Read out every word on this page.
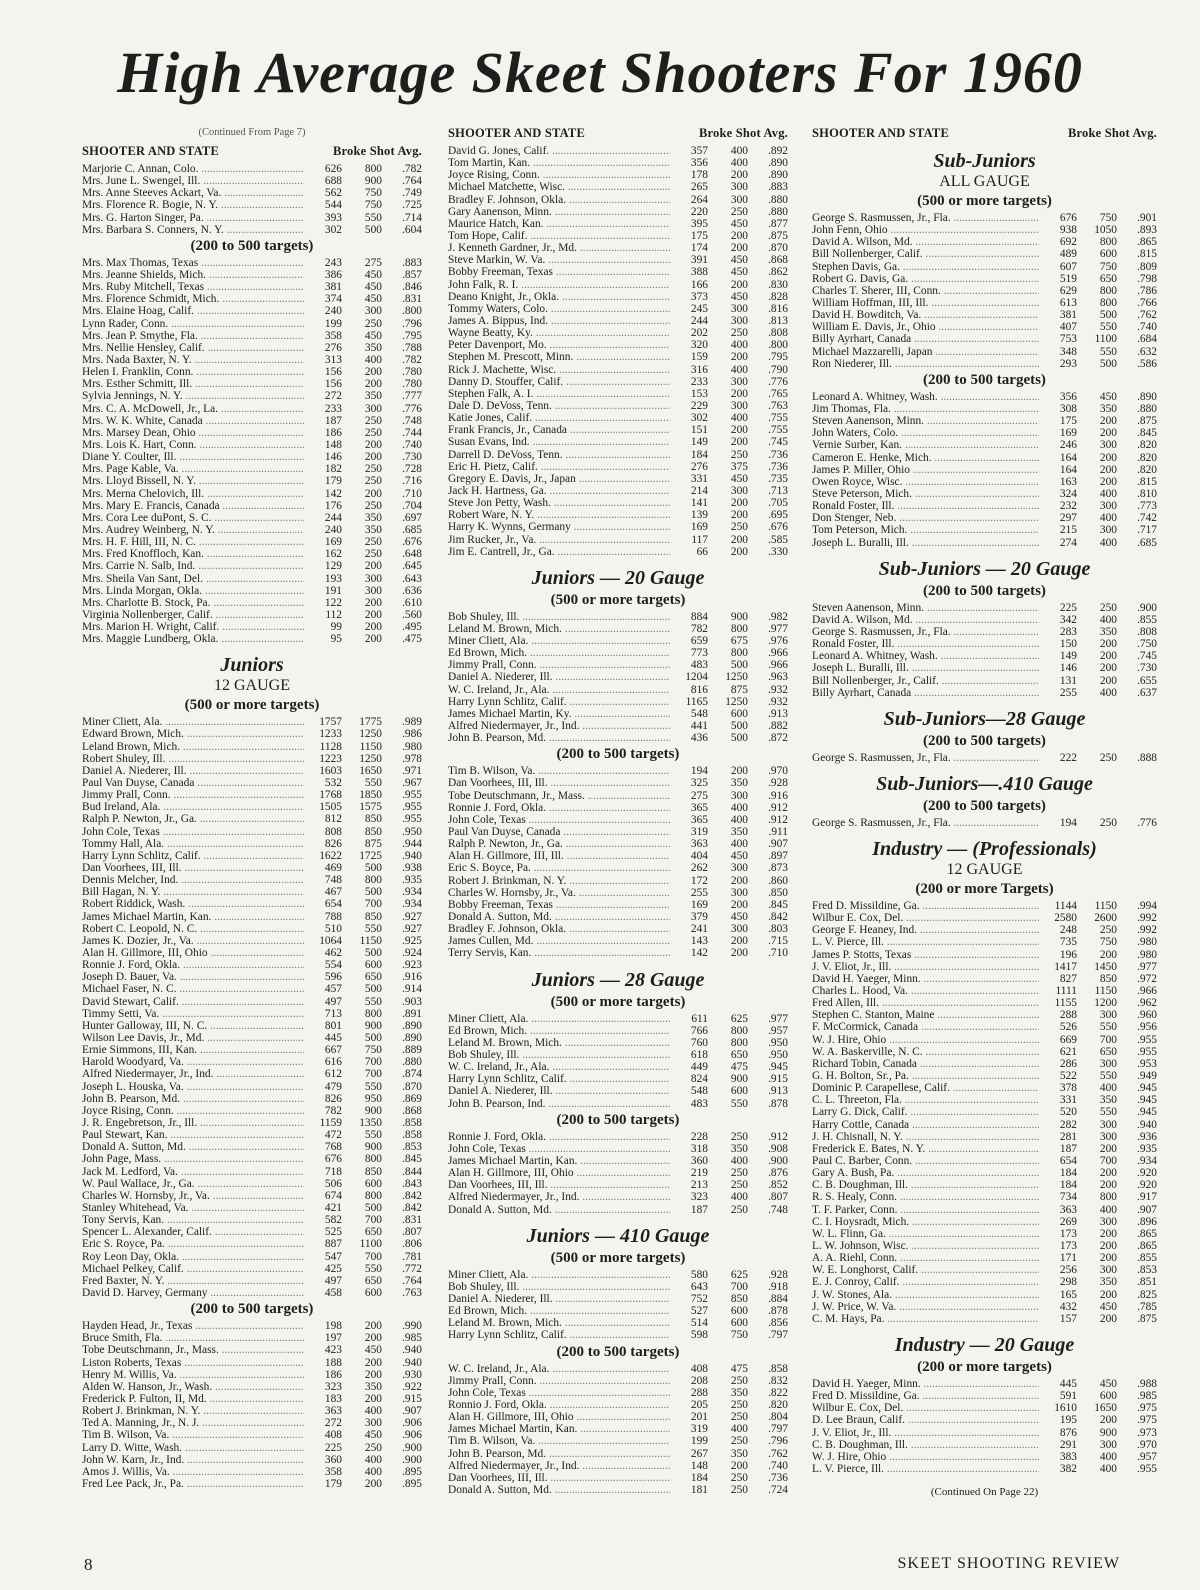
High Average Skeet Shooters For 1960
(Continued From Page 7)
SHOOTER AND STATE	Broke Shot Avg.
Marjorie C. Annan, Colo. .....	626	800	.782
Mrs. June L. Swengel, Ill. .....	688	900	.764
Mrs. Anne Steeves Ackart, Va. .....	562	750	.749
Mrs. Florence R. Bogie, N. Y. .....	544	750	.725
Mrs. G. Harton Singer, Pa. .....	393	550	.714
Mrs. Barbara S. Conners, N. Y. .....	302	500	.604
(200 to 500 targets)
Mrs. Max Thomas, Texas .....	243	275	.883
Mrs. Jeanne Shields, Mich. .....	386	450	.857
Mrs. Ruby Mitchell, Texas .....	381	450	.846
Mrs. Florence Schmidt, Mich. .....	374	450	.831
Mrs. Elaine Hoag, Calif. .....	240	300	.800
Lynn Rader, Conn. .....	199	250	.796
Mrs. Jean P. Smythe, Fla. .....	358	450	.795
Mrs. Nellie Hensley, Calif. .....	276	350	.788
Mrs. Nada Baxter, N. Y. .....	313	400	.782
Helen I. Franklin, Conn. .....	156	200	.780
Mrs. Esther Schmitt, Ill. .....	156	200	.780
Sylvia Jennings, N. Y. .....	272	350	.777
Mrs. C. A. McDowell, Jr., La. .....	233	300	.776
Mrs. W. K. White, Canada .....	187	250	.748
Mrs. Marsey Dean, Ohio .....	186	250	.744
Mrs. Lois K. Hart, Conn. .....	148	200	.740
Diane Y. Coulter, Ill. .....	146	200	.730
Mrs. Page Kable, Va. .....	182	250	.728
Mrs. Lloyd Bissell, N. Y. .....	179	250	.716
Mrs. Merna Chelovich, Ill. .....	142	200	.710
Mrs. Mary E. Francis, Canada .....	176	250	.704
Mrs. Cora Lee duPont, S. C. .....	244	350	.697
Mrs. Audrey Weinberg, N. Y. .....	240	350	.685
Mrs. H. F. Hill, III, N. C. .....	169	250	.676
Mrs. Fred Knoffloch, Kan. .....	162	250	.648
Mrs. Carrie N. Salb, Ind. .....	129	200	.645
Mrs. Sheila Van Sant, Del. .....	193	300	.643
Mrs. Linda Morgan, Okla. .....	191	300	.636
Mrs. Charlotte B. Stock, Pa. .....	122	200	.610
Virginia Nollenberger, Calif. .....	112	200	.560
Mrs. Marion H. Wright, Calif. .....	99	200	.495
Mrs. Maggie Lundberg, Okla. .....	95	200	.475
Juniors
12 GAUGE
(500 or more targets)
Miner Cliett, Ala. .....	1757	1775	.989
Edward Brown, Mich. .....	1233	1250	.986
Leland Brown, Mich. .....	1128	1150	.980
Robert Shuley, Ill. .....	1223	1250	.978
Daniel A. Niederer, Ill. .....	1603	1650	.971
Paul Van Duyse, Canada .....	532	550	.967
Jimmy Prall, Conn. .....	1768	1850	.955
Bud Ireland, Ala. .....	1505	1575	.955
Ralph P. Newton, Jr., Ga. .....	812	850	.955
John Cole, Texas .....	808	850	.950
Tommy Hall, Ala. .....	826	875	.944
Harry Lynn Schlitz, Calif. .....	1622	1725	.940
Dan Voorhees, III, Ill. .....	469	500	.938
Dennis Melcher, Ind. .....	748	800	.935
Bill Hagan, N. Y. .....	467	500	.934
Robert Riddick, Wash. .....	654	700	.934
James Michael Martin, Kan. .....	788	850	.927
Robert C. Leopold, N. C. .....	510	550	.927
James K. Dozier, Jr., Va. .....	1064	1150	.925
Alan H. Gillmore, III, Ohio .....	462	500	.924
Ronnie J. Ford, Okla. .....	554	600	.923
Joseph D. Bauer, Va. .....	596	650	.916
Michael Faser, N. C. .....	457	500	.914
David Stewart, Calif. .....	497	550	.903
Timmy Setti, Va. .....	713	800	.891
Hunter Galloway, III, N. C. .....	801	900	.890
Wilson Lee Davis, Jr., Md. .....	445	500	.890
Ernie Simmons, III, Kan. .....	667	750	.889
Harold Woodyard, Va. .....	616	700	.880
Alfred Niedermayer, Jr., Ind. .....	612	700	.874
Joseph L. Houska, Va. .....	479	550	.870
John B. Pearson, Md. .....	826	950	.869
Joyce Rising, Conn. .....	782	900	.868
J. R. Engebretson, Jr., Ill. .....	1159	1350	.858
Paul Stewart, Kan. .....	472	550	.858
Donald A. Sutton, Md. .....	768	900	.853
John Page, Mass. .....	676	800	.845
Jack M. Ledford, Va. .....	718	850	.844
W. Paul Wallace, Jr., Ga. .....	506	600	.843
Charles W. Hornsby, Jr., Va. .....	674	800	.842
Stanley Whitehead, Va. .....	421	500	.842
Tony Servis, Kan. .....	582	700	.831
Spencer L. Alexander, Calif. .....	525	650	.807
Eric S. Royce, Pa. .....	887	1100	.806
Roy Leon Day, Okla. .....	547	700	.781
Michael Pelkey, Calif. .....	425	550	.772
Fred Baxter, N. Y. .....	497	650	.764
David D. Harvey, Germany .....	458	600	.763
(200 to 500 targets)
Hayden Head, Jr., Texas .....	198	200	.990
Bruce Smith, Fla. .....	197	200	.985
Tobe Deutschmann, Jr., Mass. .....	423	450	.940
Liston Roberts, Texas .....	188	200	.940
Henry M. Willis, Va. .....	186	200	.930
Alden W. Hanson, Jr., Wash. .....	323	350	.922
Frederick P. Fulton, II, Md. .....	183	200	.915
Robert J. Brinkman, N. Y. .....	363	400	.907
Ted A. Manning, Jr., N. J. .....	272	300	.906
Tim B. Wilson, Va. .....	408	450	.906
Larry D. Witte, Wash. .....	225	250	.900
John W. Karn, Jr., Ind. .....	360	400	.900
Amos J. Willis, Va. .....	358	400	.895
Fred Lee Pack, Jr., Pa. .....	179	200	.895
SHOOTER AND STATE	Broke Shot Avg.
David G. Jones, Calif. .....	357	400	.892
Tom Martin, Kan. .....	356	400	.890
Joyce Rising, Conn. .....	178	200	.890
Michael Matchette, Wisc. .....	265	300	.883
Bradley F. Johnson, Okla. .....	264	300	.880
Gary Aanenson, Minn. .....	220	250	.880
Maurice Hatch, Kan. .....	395	450	.877
Tom Hope, Calif. .....	175	200	.875
J. Kenneth Gardner, Jr., Md. .....	174	200	.870
Steve Markin, W. Va. .....	391	450	.868
Bobby Freeman, Texas .....	388	450	.862
John Falk, R. I. .....	166	200	.830
Deano Knight, Jr., Okla. .....	373	450	.828
Tommy Waters, Colo. .....	245	300	.816
James A. Bippus, Ind. .....	244	300	.813
Wayne Beatty, Ky. .....	202	250	.808
Peter Davenport, Mo. .....	320	400	.800
Stephen M. Prescott, Minn. .....	159	200	.795
Rick J. Machette, Wisc. .....	316	400	.790
Danny D. Stouffer, Calif. .....	233	300	.776
Stephen Falk, A. I. .....	153	200	.765
Dale D. DeVoss, Tenn. .....	229	300	.763
Katie Jones, Calif. .....	302	400	.755
Frank Francis, Jr., Canada .....	151	200	.755
Susan Evans, Ind. .....	149	200	.745
Darrell D. DeVoss, Tenn. .....	184	250	.736
Eric H. Pietz, Calif. .....	276	375	.736
Gregory E. Davis, Jr., Japan .....	331	450	.735
Jack H. Hartness, Ga. .....	214	300	.713
Steve Jon Petty, Wash. .....	141	200	.705
Robert Ware, N. Y. .....	139	200	.695
Harry K. Wynns, Germany .....	169	250	.676
Jim Rucker, Jr., Va. .....	117	200	.585
Jim E. Cantrell, Jr., Ga. .....	66	200	.330
Juniors — 20 Gauge
(500 or more targets)
Bob Shuley, Ill. .....	884	900	.982
Leland M. Brown, Mich. .....	782	800	.977
Miner Cliett, Ala. .....	659	675	.976
Ed Brown, Mich. .....	773	800	.966
Jimmy Prall, Conn. .....	483	500	.966
Daniel A. Niederer, Ill. .....	1204	1250	.963
W. C. Ireland, Jr., Ala. .....	816	875	.932
Harry Lynn Schlitz, Calif. .....	1165	1250	.932
James Michael Martin, Ky. .....	548	600	.913
Alfred Niedermayer, Jr., Ind. .....	441	500	.882
John B. Pearson, Md. .....	436	500	.872
(200 to 500 targets)
Tim B. Wilson, Va. .....	194	200	.970
Dan Voorhees, III, Ill. .....	325	350	.928
Tobe Deutschmann, Jr., Mass. .....	275	300	.916
Ronnie J. Ford, Okla. .....	365	400	.912
John Cole, Texas .....	365	400	.912
Paul Van Duyse, Canada .....	319	350	.911
Ralph P. Newton, Jr., Ga. .....	363	400	.907
Alan H. Gillmore, III, Ill. .....	404	450	.897
Eric S. Boyce, Pa. .....	262	300	.873
Robert J. Brinkman, N. Y. .....	172	200	.860
Charles W. Hornsby, Jr., Va. .....	255	300	.850
Bobby Freeman, Texas .....	169	200	.845
Donald A. Sutton, Md. .....	379	450	.842
Bradley F. Johnson, Okla. .....	241	300	.803
James Cullen, Md. .....	143	200	.715
Terry Servis, Kan. .....	142	200	.710
Juniors — 28 Gauge
(500 or more targets)
Miner Cliett, Ala. .....	611	625	.977
Ed Brown, Mich. .....	766	800	.957
Leland M. Brown, Mich. .....	760	800	.950
Bob Shuley, Ill. .....	618	650	.950
W. C. Ireland, Jr., Ala. .....	449	475	.945
Harry Lynn Schlitz, Calif. .....	824	900	.915
Daniel A. Niederer, Ill. .....	548	600	.913
John B. Pearson, Ind. .....	483	550	.878
(200 to 500 targets)
Ronnie J. Ford, Okla. .....	228	250	.912
John Cole, Texas .....	318	350	.908
James Michael Martin, Kan. .....	360	400	.900
Alan H. Gillmore, III, Ohio .....	219	250	.876
Dan Voorhees, III, Ill. .....	213	250	.852
Alfred Niedermayer, Jr., Ind. .....	323	400	.807
Donald A. Sutton, Md. .....	187	250	.748
Juniors — 410 Gauge
(500 or more targets)
Miner Cliett, Ala. .....	580	625	.928
Bob Shuley, Ill. .....	643	700	.918
Daniel A. Niederer, Ill. .....	752	850	.884
Ed Brown, Mich. .....	527	600	.878
Leland M. Brown, Mich. .....	514	600	.856
Harry Lynn Schlitz, Calif. .....	598	750	.797
(200 to 500 targets)
W. C. Ireland, Jr., Ala. .....	408	475	.858
Jimmy Prall, Conn. .....	208	250	.832
John Cole, Texas .....	288	350	.822
Ronnio J. Ford, Okla. .....	205	250	.820
Alan H. Gillmore, III, Ohio .....	201	250	.804
James Michael Martin, Kan. .....	319	400	.797
Tim B. Wilson, Va. .....	199	250	.796
John B. Pearson, Md. .....	267	350	.762
Alfred Niedermayer, Jr., Ind. .....	148	200	.740
Dan Voorhees, III, Ill. .....	184	250	.736
Donald A. Sutton, Md. .....	181	250	.724
SHOOTER AND STATE	Broke Shot Avg.
Sub-Juniors
ALL GAUGE
(500 or more targets)
George S. Rasmussen, Jr., Fla. .....	676	750	.901
John Fenn, Ohio .....	938	1050	.893
David A. Wilson, Md. .....	692	800	.865
Bill Nollenberger, Calif. .....	489	600	.815
Stephen Davis, Ga. .....	607	750	.809
Robert G. Davis, Ga. .....	519	650	.798
Charles T. Sherer, III, Conn. .....	629	800	.786
William Hoffman, III, Ill. .....	613	800	.766
David H. Bowditch, Va. .....	381	500	.762
William E. Davis, Jr., Ohio .....	407	550	.740
Billy Ayrhart, Canada .....	753	1100	.684
Michael Mazzarelli, Japan .....	348	550	.632
Ron Niederer, Ill. .....	293	500	.586
(200 to 500 targets)
Leonard A. Whitney, Wash. .....	356	450	.890
Jim Thomas, Fla. .....	308	350	.880
Steven Aanenson, Minn. .....	175	200	.875
John Waters, Colo. .....	169	200	.845
Vernie Surber, Kan. .....	246	300	.820
Cameron E. Henke, Mich. .....	164	200	.820
James P. Miller, Ohio .....	164	200	.820
Owen Royce, Wisc. .....	163	200	.815
Steve Peterson, Mich. .....	324	400	.810
Ronald Foster, Ill. .....	232	300	.773
Don Stenger, Neb. .....	297	400	.742
Tom Peterson, Mich. .....	215	300	.717
Joseph L. Buralli, Ill. .....	274	400	.685
Sub-Juniors — 20 Gauge
(200 to 500 targets)
Steven Aanenson, Minn. .....	225	250	.900
David A. Wilson, Md. .....	342	400	.855
George S. Rasmussen, Jr., Fla. .....	283	350	.808
Ronald Foster, Ill. .....	150	200	.750
Leonard A. Whitney, Wash. .....	149	200	.745
Joseph L. Buralli, Ill. .....	146	200	.730
Bill Nollenberger, Jr., Calif. .....	131	200	.655
Billy Ayrhart, Canada .....	255	400	.637
Sub-Juniors—28 Gauge
(200 to 500 targets)
George S. Rasmussen, Jr., Fla. .....	222	250	.888
Sub-Juniors—.410 Gauge
(200 to 500 targets)
George S. Rasmussen, Jr., Fla. .....	194	250	.776
Industry — (Professionals)
12 GAUGE
(200 or more Targets)
Fred D. Missildine, Ga. .....	1144	1150	.994
Wilbur E. Cox, Del. .....	2580	2600	.992
George F. Heaney, Ind. .....	248	250	.992
L. V. Pierce, Ill. .....	735	750	.980
James P. Stotts, Texas .....	196	200	.980
J. V. Eliot, Jr., Ill. .....	1417	1450	.977
David H. Yaeger, Minn. .....	827	850	.972
Charles L. Hood, Va. .....	1111	1150	.966
Fred Allen, Ill. .....	1155	1200	.962
Stephen C. Stanton, Maine .....	288	300	.960
F. McCormick, Canada .....	526	550	.956
W. J. Hire, Ohio .....	669	700	.955
W. A. Baskerville, N. C. .....	621	650	.955
Richard Tobin, Canada .....	286	300	.953
G. H. Bolton, Sr., Pa. .....	522	550	.949
Dominic P. Carapellese, Calif. .....	378	400	.945
C. L. Threeton, Fla. .....	331	350	.945
Larry G. Dick, Calif. .....	520	550	.945
Harry Cottle, Canada .....	282	300	.940
J. H. Chisnall, N. Y. .....	281	300	.936
Frederick E. Bates, N. Y. .....	187	200	.935
Paul C. Barber, Conn. .....	654	700	.934
Gary A. Bush, Pa. .....	184	200	.920
C. B. Doughman, Ill. .....	184	200	.920
R. S. Healy, Conn. .....	734	800	.917
T. F. Parker, Conn. .....	363	400	.907
C. I. Hoysradt, Mich. .....	269	300	.896
W. L. Flinn, Ga. .....	173	200	.865
L. W. Johnson, Wisc. .....	173	200	.865
A. A. Riehl, Conn. .....	171	200	.855
W. E. Longhorst, Calif. .....	256	300	.853
E. J. Conroy, Calif. .....	298	350	.851
J. W. Stones, Ala. .....	165	200	.825
J. W. Price, W. Va. .....	432	450	.785
C. M. Hays, Pa. .....	157	200	.875
Industry — 20 Gauge
(200 or more targets)
David H. Yaeger, Minn. .....	445	450	.988
Fred D. Missildine, Ga. .....	591	600	.985
Wilbur E. Cox, Del. .....	1610	1650	.975
D. Lee Braun, Calif. .....	195	200	.975
J. V. Eliot, Jr., Ill. .....	876	900	.973
C. B. Doughman, Ill. .....	291	300	.970
W. J. Hire, Ohio .....	383	400	.957
L. V. Pierce, Ill. .....	382	400	.955
(Continued On Page 22)
8	SKEET SHOOTING REVIEW
